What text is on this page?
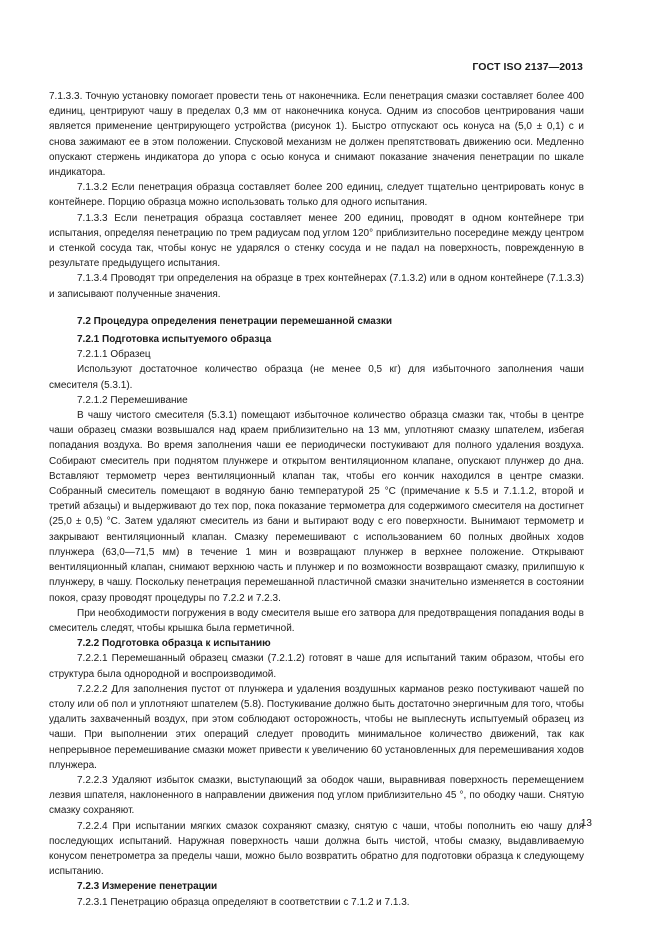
ГОСТ ISO 2137—2013

7.1.3.3. Точную установку помогает провести тень от наконечника. Если пенетрация смазки составляет более 400 единиц, центрируют чашу в пределах 0,3 мм от наконечника конуса. Одним из способов центрирования чаши является применение центрирующего устройства (рисунок 1). Быстро отпускают ось конуса на (5,0 ± 0,1) с и снова зажимают ее в этом положении. Спусковой механизм не должен препятствовать движению оси. Медленно опускают стержень индикатора до упора с осью конуса и снимают показание значения пенетрации по шкале индикатора.

7.1.3.2 Если пенетрация образца составляет более 200 единиц, следует тщательно центрировать конус в контейнере. Порцию образца можно использовать только для одного испытания.

7.1.3.3 Если пенетрация образца составляет менее 200 единиц, проводят в одном контейнере три испытания, определяя пенетрацию по трем радиусам под углом 120° приблизительно посередине между центром и стенкой сосуда так, чтобы конус не ударялся о стенку сосуда и не падал на поверхность, поврежденную в результате предыдущего испытания.

7.1.3.4 Проводят три определения на образце в трех контейнерах (7.1.3.2) или в одном контейнере (7.1.3.3) и записывают полученные значения.

7.2 Процедура определения пенетрации перемешанной смазки

7.2.1 Подготовка испытуемого образца

7.2.1.1 Образец

Используют достаточное количество образца (не менее 0,5 кг) для избыточного заполнения чаши смесителя (5.3.1).

7.2.1.2 Перемешивание

В чашу чистого смесителя (5.3.1) помещают избыточное количество образца смазки так, чтобы в центре чаши образец смазки возвышался над краем приблизительно на 13 мм, уплотняют смазку шпателем, избегая попадания воздуха. Во время заполнения чаши ее периодически постукивают для полного удаления воздуха. Собирают смеситель при поднятом плунжере и открытом вентиляционном клапане, опускают плунжер до дна. Вставляют термометр через вентиляционный клапан так, чтобы его кончик находился в центре смазки. Собранный смеситель помещают в водяную баню температурой 25 °C (примечание к 5.5 и 7.1.1.2, второй и третий абзацы) и выдерживают до тех пор, пока показание термометра для содержимого смесителя на достигнет (25,0 ± 0,5) °C. Затем удаляют смеситель из бани и вытирают воду с его поверхности. Вынимают термометр и закрывают вентиляционный клапан. Смазку перемешивают с использованием 60 полных двойных ходов плунжера (63,0—71,5 мм) в течение 1 мин и возвращают плунжер в верхнее положение. Открывают вентиляционный клапан, снимают верхнюю часть и плунжер и по возможности возвращают смазку, прилипшую к плунжеру, в чашу. Поскольку пенетрация перемешанной пластичной смазки значительно изменяется в состоянии покоя, сразу проводят процедуры по 7.2.2 и 7.2.3.

При необходимости погружения в воду смесителя выше его затвора для предотвращения попадания воды в смеситель следят, чтобы крышка была герметичной.

7.2.2 Подготовка образца к испытанию

7.2.2.1 Перемешанный образец смазки (7.2.1.2) готовят в чаше для испытаний таким образом, чтобы его структура была однородной и воспроизводимой.

7.2.2.2 Для заполнения пустот от плунжера и удаления воздушных карманов резко постукивают чашей по столу или об пол и уплотняют шпателем (5.8). Постукивание должно быть достаточно энергичным для того, чтобы удалить захваченный воздух, при этом соблюдают осторожность, чтобы не выплеснуть испытуемый образец из чаши. При выполнении этих операций следует проводить минимальное количество движений, так как непрерывное перемешивание смазки может привести к увеличению 60 установленных для перемешивания ходов плунжера.

7.2.2.3 Удаляют избыток смазки, выступающий за ободок чаши, выравнивая поверхность перемещением лезвия шпателя, наклоненного в направлении движения под углом приблизительно 45 °, по ободку чаши. Снятую смазку сохраняют.

7.2.2.4 При испытании мягких смазок сохраняют смазку, снятую с чаши, чтобы пополнить ею чашу для последующих испытаний. Наружная поверхность чаши должна быть чистой, чтобы смазку, выдавливаемую конусом пенетрометра за пределы чаши, можно было возвратить обратно для подготовки образца к следующему испытанию.

7.2.3 Измерение пенетрации

7.2.3.1 Пенетрацию образца определяют в соответствии с 7.1.2 и 7.1.3.

13
